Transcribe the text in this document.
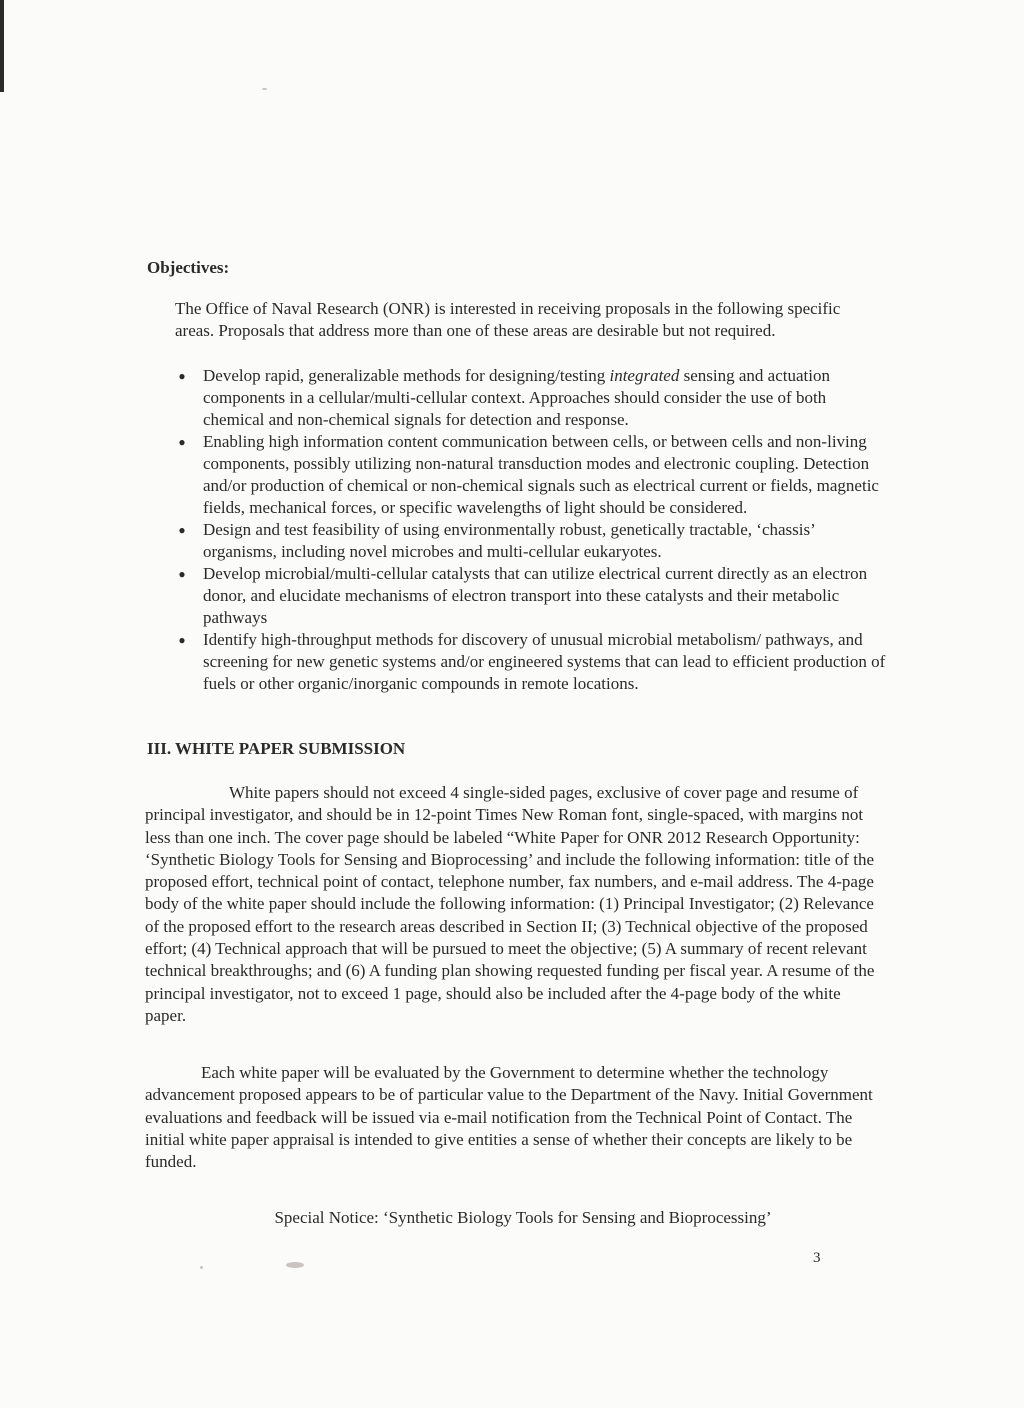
Objectives:

The Office of Naval Research (ONR) is interested in receiving proposals in the following specific areas. Proposals that address more than one of these areas are desirable but not required.

● Develop rapid, generalizable methods for designing/testing integrated sensing and actuation components in a cellular/multi-cellular context. Approaches should consider the use of both chemical and non-chemical signals for detection and response.
● Enabling high information content communication between cells, or between cells and non-living components, possibly utilizing non-natural transduction modes and electronic coupling. Detection and/or production of chemical or non-chemical signals such as electrical current or fields, magnetic fields, mechanical forces, or specific wavelengths of light should be considered.
● Design and test feasibility of using environmentally robust, genetically tractable, ‘chassis’ organisms, including novel microbes and multi-cellular eukaryotes.
● Develop microbial/multi-cellular catalysts that can utilize electrical current directly as an electron donor, and elucidate mechanisms of electron transport into these catalysts and their metabolic pathways
● Identify high-throughput methods for discovery of unusual microbial metabolism/ pathways, and screening for new genetic systems and/or engineered systems that can lead to efficient production of fuels or other organic/inorganic compounds in remote locations.
III. WHITE PAPER SUBMISSION

White papers should not exceed 4 single-sided pages, exclusive of cover page and resume of principal investigator, and should be in 12-point Times New Roman font, single-spaced, with margins not less than one inch. The cover page should be labeled “White Paper for ONR 2012 Research Opportunity: ‘Synthetic Biology Tools for Sensing and Bioprocessing’ and include the following information: title of the proposed effort, technical point of contact, telephone number, fax numbers, and e-mail address. The 4-page body of the white paper should include the following information: (1) Principal Investigator; (2) Relevance of the proposed effort to the research areas described in Section II; (3) Technical objective of the proposed effort; (4) Technical approach that will be pursued to meet the objective; (5) A summary of recent relevant technical breakthroughs; and (6) A funding plan showing requested funding per fiscal year. A resume of the principal investigator, not to exceed 1 page, should also be included after the 4-page body of the white paper.

Each white paper will be evaluated by the Government to determine whether the technology advancement proposed appears to be of particular value to the Department of the Navy. Initial Government evaluations and feedback will be issued via e-mail notification from the Technical Point of Contact. The initial white paper appraisal is intended to give entities a sense of whether their concepts are likely to be funded.

Special Notice: ‘Synthetic Biology Tools for Sensing and Bioprocessing’

3
